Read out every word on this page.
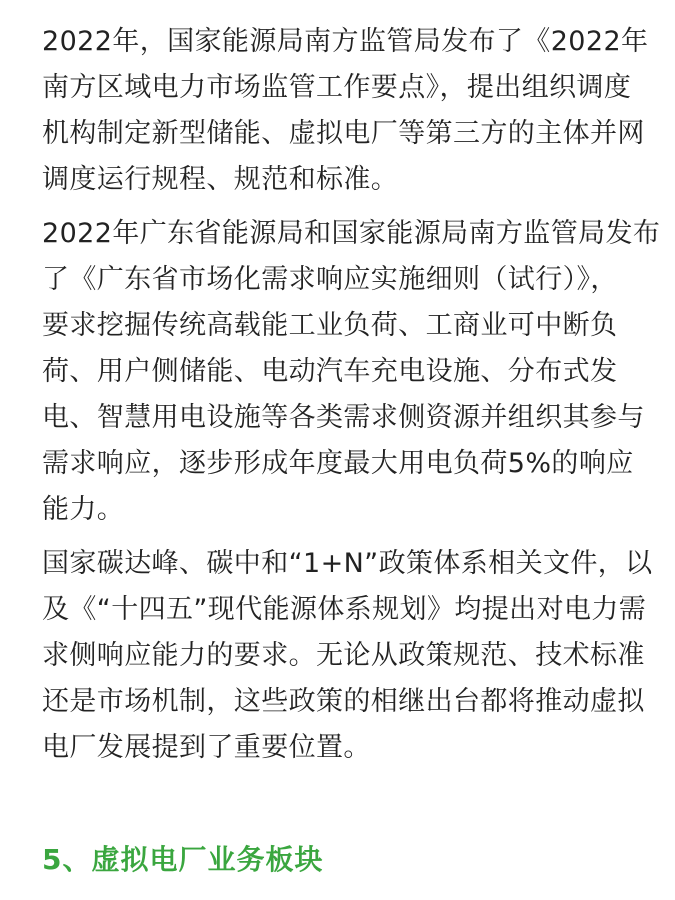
2022年，国家能源局南方监管局发布了《2022年
南方区域电力市场监管工作要点》，提出组织调度
机构制定新型储能、虚拟电厂等第三方的主体并网
调度运行规程、规范和标准。

2022年广东省能源局和国家能源局南方监管局发布
了《广东省市场化需求响应实施细则（试行）》，
要求挖掘传统高载能工业负荷、工商业可中断负
荷、用户侧储能、电动汽车充电设施、分布式发
电、智慧用电设施等各类需求侧资源并组织其参与
需求响应，逐步形成年度最大用电负荷5%的响应
能力。

国家碳达峰、碳中和“1+N”政策体系相关文件，以
及《“十四五”现代能源体系规划》均提出对电力需
求侧响应能力的要求。无论从政策规范、技术标准
还是市场机制，这些政策的相继出台都将推动虚拟
电厂发展提到了重要位置。

5、虚拟电厂业务板块
